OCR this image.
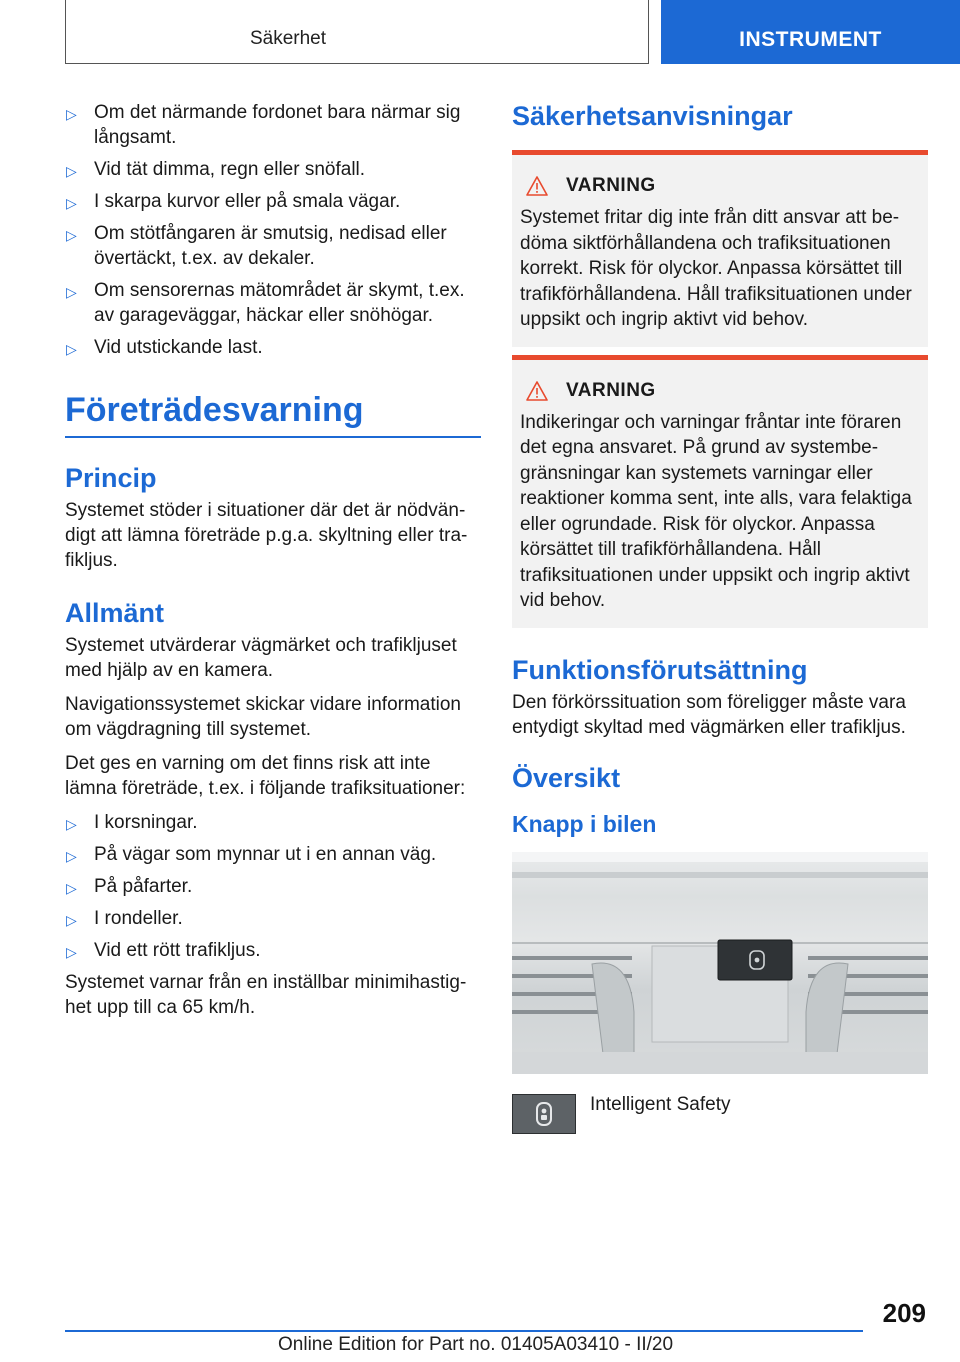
Säkerhet	INSTRUMENT
▷ Om det närmande fordonet bara närmar sig långsamt.
▷ Vid tät dimma, regn eller snöfall.
▷ I skarpa kurvor eller på smala vägar.
▷ Om stötfångaren är smutsig, nedisad eller övertäckt, t.ex. av dekaler.
▷ Om sensorernas mätområdet är skymt, t.ex. av garageväggar, häckar eller snöhögar.
▷ Vid utstickande last.
Företrädesvarning
Princip

Systemet stöder i situationer där det är nödvändigt att lämna företräde p.g.a. skyltning eller trafikljus.

Allmänt

Systemet utvärderar vägmärket och trafikljuset med hjälp av en kamera.

Navigationssystemet skickar vidare information om vägdragning till systemet.

Det ges en varning om det finns risk att inte lämna företräde, t.ex. i följande trafiksituationer:

▷ I korsningar.
▷ På vägar som mynnar ut i en annan väg.
▷ På påfarter.
▷ I rondeller.
▷ Vid ett rött trafikljus.

Systemet varnar från en inställbar minimihastighet upp till ca 65 km/h.

Säkerhetsanvisningar
VARNING

Systemet fritar dig inte från ditt ansvar att bedöma siktförhållandena och trafiksituationen korrekt. Risk för olyckor. Anpassa körsättet till trafikförhållandena. Håll trafiksituationen under uppsikt och ingrip aktivt vid behov.

VARNING

Indikeringar och varningar fråntar inte föraren det egna ansvaret. På grund av systembegränsningar kan systemets varningar eller reaktioner komma sent, inte alls, vara felaktiga eller ogrundade. Risk för olyckor. Anpassa körsättet till trafikförhållandena. Håll trafiksituationen under uppsikt och ingrip aktivt vid behov.

Funktionsförutsättning

Den förkörssituation som föreligger måste vara entydigt skyltad med vägmärken eller trafikljus.

Översikt
Knapp i bilen
Intelligent Safety
209
Online Edition for Part no. 01405A03410 - II/20
